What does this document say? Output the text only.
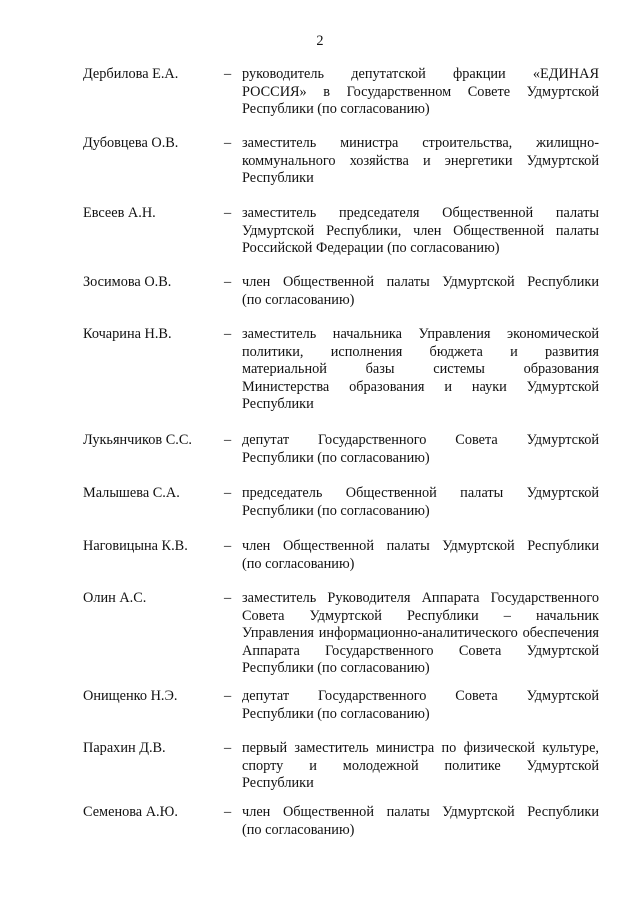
2
Дербилова Е.А.	– руководитель депутатской фракции «ЕДИНАЯ
РОССИЯ» в Государственном Совете Удмуртской
Республики (по согласованию)
Дубовцева О.В.	– заместитель министра строительства, жилищно-
коммунального хозяйства и энергетики Удмуртской
Республики
Евсеев А.Н.	– заместитель председателя Общественной палаты
Удмуртской Республики, член Общественной палаты
Российской Федерации (по согласованию)
Зосимова О.В.	– член Общественной палаты Удмуртской Республики
(по согласованию)
Кочарина Н.В.	– заместитель начальника Управления экономической
политики, исполнения бюджета и развития
материальной базы системы образования
Министерства образования и науки Удмуртской
Республики
Лукьянчиков С.С. – депутат Государственного Совета Удмуртской
Республики (по согласованию)
Малышева С.А.	– председатель Общественной палаты Удмуртской
Республики (по согласованию)
Наговицына К.В.	– член Общественной палаты Удмуртской Республики
(по согласованию)
Олин А.С.	– заместитель Руководителя Аппарата Государственного
Совета Удмуртской Республики – начальник
Управления информационно-аналитического обеспечения
Аппарата Государственного Совета Удмуртской
Республики (по согласованию)
Онищенко Н.Э.	– депутат Государственного Совета Удмуртской
Республики (по согласованию)
Парахин Д.В.	– первый заместитель министра по физической культуре,
спорту и молодежной политике Удмуртской
Республики
Семенова А.Ю.	– член Общественной палаты Удмуртской Республики
(по согласованию)
